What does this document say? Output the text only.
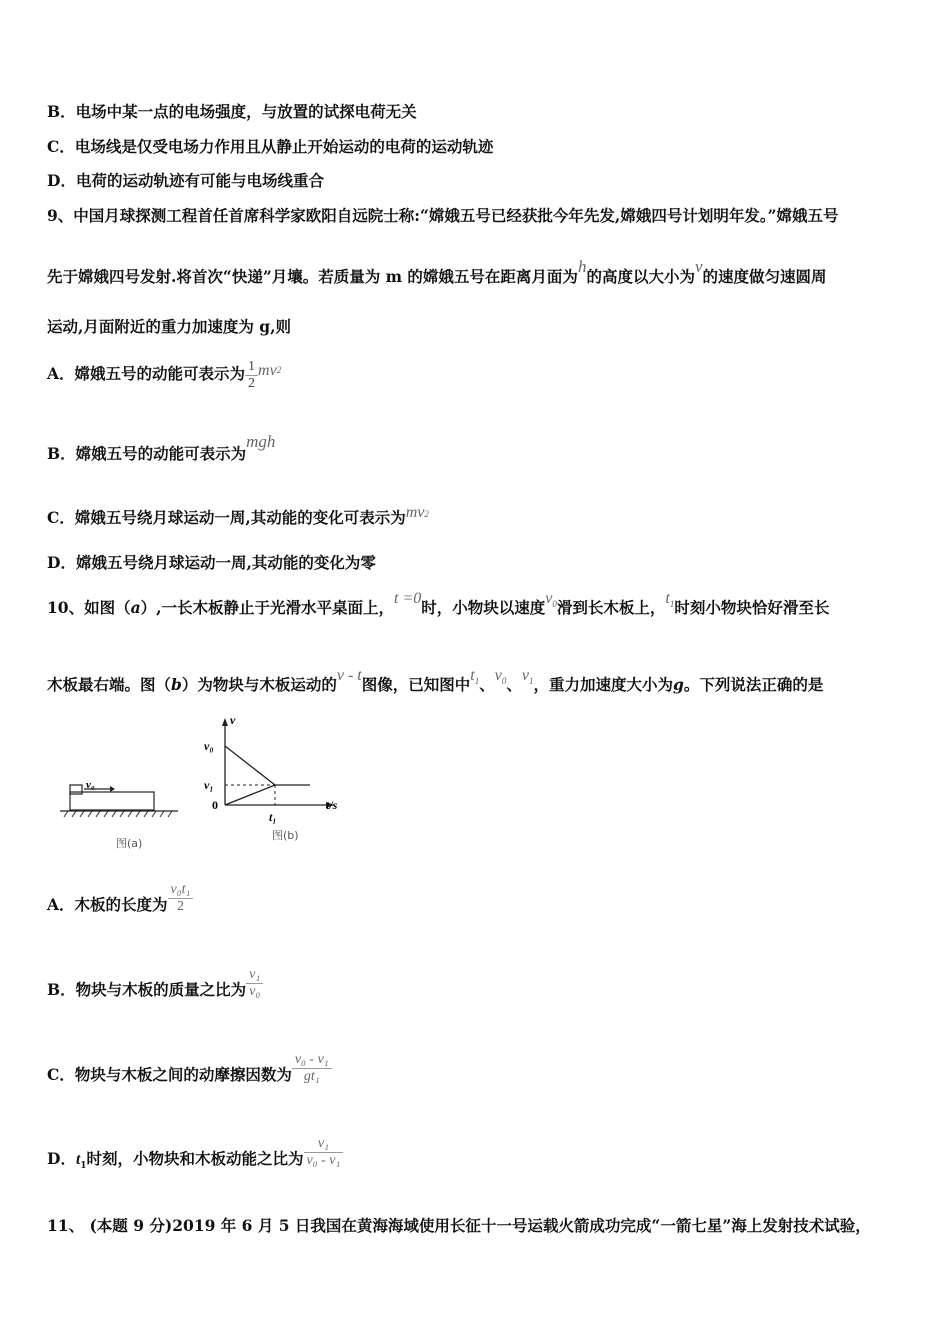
B．电场中某一点的电场强度，与放置的试探电荷无关
C．电场线是仅受电场力作用且从静止开始运动的电荷的运动轨迹
D．电荷的运动轨迹有可能与电场线重合
9、中国月球探测工程首任首席科学家欧阳自远院士称:“嫦娥五号已经获批今年先发,嫦娥四号计划明年发。”嫦娥五号
先于嫦娥四号发射.将首次“快递”月壤。若质量为 m 的嫦娥五号在距离月面为h的高度以大小为v的速度做匀速圆周
运动,月面附近的重力加速度为 g,则
A．嫦娥五号的动能可表示为 $\frac{1}{2} mv^2$
B．嫦娥五号的动能可表示为mgh
C．嫦娥五号绕月球运动一周,其动能的变化可表示为$mv^2$
D．嫦娥五号绕月球运动一周,其动能的变化为零
10、如图（a）,一长木板静止于光滑水平桌面上，t =0时，小物块以速度$v_0$滑到长木板上，$t_1$时刻小物块恰好滑至长
木板最右端。图（b）为物块与木板运动的v - t图像，已知图中$t_1$、$v_0$、$v_1$，重力加速度大小为g。下列说法正确的是
v₀
图(a)
v
v₀
v₁
0
t₁
t/s
图(b)
A．木板的长度为 $\frac{\text{v₀t₁}}{2}$
B．物块与木板的质量之比为 $\frac{\text{v₁}}{\text{v₀}}$
C．物块与木板之间的动摩擦因数为 $\frac{\text{v₀ - v₁}}{\text{gt₁}}$
D．$t_1$时刻，小物块和木板动能之比为 $\frac{\text{v₁}}{\text{v₀ - v₁}}$
11、 (本题 9 分)2019 年 6 月 5 日我国在黄海海域使用长征十一号运载火箭成功完成“一箭七星”海上发射技术试验，
